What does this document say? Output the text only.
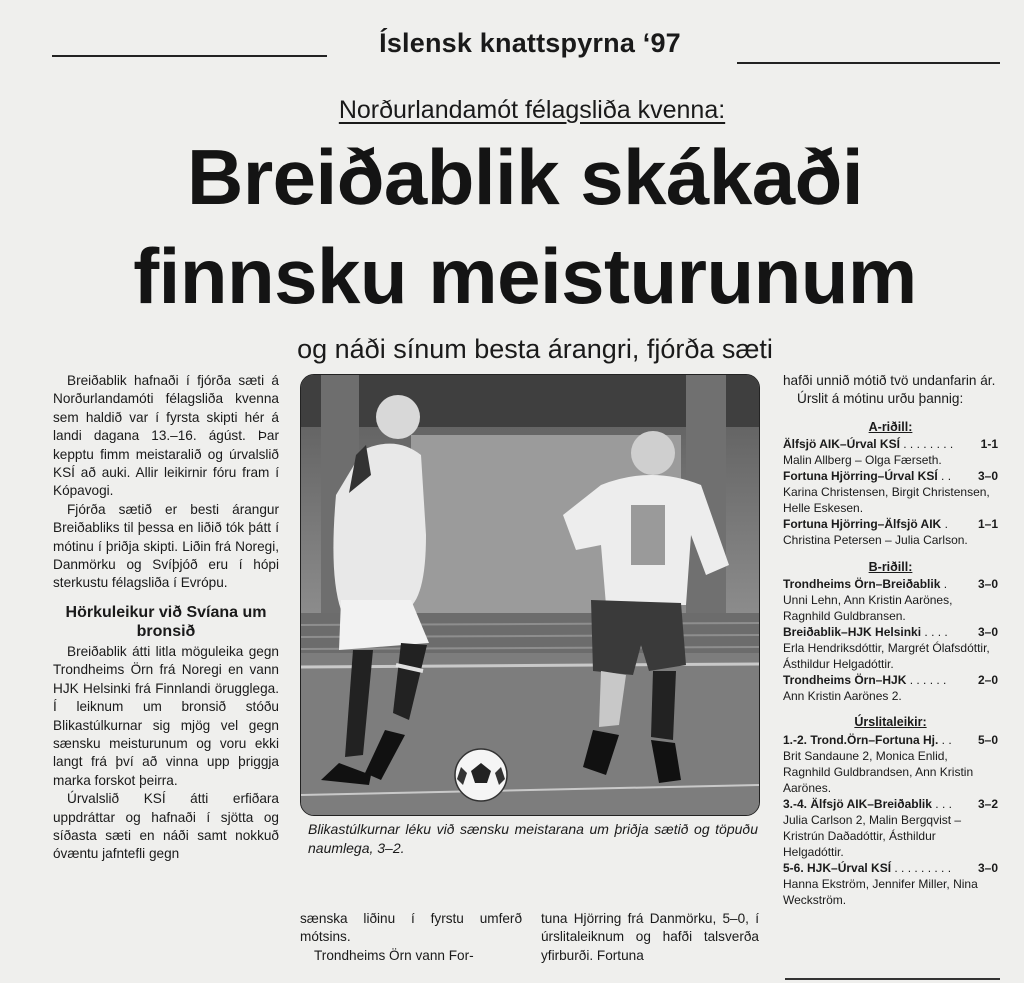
Íslensk knattspyrna ‘97
Norðurlandamót félagsliða kvenna:
Breiðablik skákaði
finnsku meisturunum
og náði sínum besta árangri, fjórða sæti

Breiðablik hafnaði í fjórða sæti á Norðurlandamóti félagsliða kvenna sem haldið var í fyrsta skipti hér á landi dagana 13.–16. ágúst. Þar kepptu fimm meistaralið og úrvalslið KSÍ að auki. Allir leikirnir fóru fram í Kópavogi.

Fjórða sætið er besti árangur Breiðabliks til þessa en liðið tók þátt í mótinu í þriðja skipti. Liðin frá Noregi, Danmörku og Svíþjóð eru í hópi sterkustu félagsliða í Evrópu.

Hörkuleikur við Svíana um bronsið

Breiðablik átti litla möguleika gegn Trondheims Örn frá Noregi en vann HJK Helsinki frá Finnlandi örugglega. Í leiknum um bronsið stóðu Blikastúlkurnar sig mjög vel gegn sænsku meisturunum og voru ekki langt frá því að vinna upp þriggja marka forskot þeirra.

Úrvalslið KSÍ átti erfiðara uppdráttar og hafnaði í sjötta og síðasta sæti en náði samt nokkuð óvæntu jafntefli gegn

Blikastúlkurnar léku við sænsku meistarana um þriðja sætið og töpuðu naumlega, 3–2.

sænska liðinu í fyrstu umferð mótsins.

Trondheims Örn vann For-

tuna Hjörring frá Danmörku, 5–0, í úrslitaleiknum og hafði talsverða yfirburði. Fortuna

hafði unnið mótið tvö undanfarin ár.

Úrslit á mótinu urðu þannig:

A-riðill:
Älfsjö AIK–Úrval KSÍ . . . . . . . . 1-1
Malin Allberg – Olga Færseth.
Fortuna Hjörring–Úrval KSÍ . . 3–0
Karina Christensen, Birgit Christensen, Helle Eskesen.
Fortuna Hjörring–Älfsjö AIK .	1–1
Christina Petersen – Julia Carlson.
B-riðill:
Trondheims Örn–Breiðablik .	3–0
Unni Lehn, Ann Kristin Aarönes, Ragnhild Guldbransen.
Breiðablik–HJK Helsinki . . . .	3–0
Erla Hendriksdóttir, Margrét Ólafsdóttir, Ásthildur Helgadóttir.
Trondheims Örn–HJK . . . . . .	2–0
Ann Kristin Aarönes 2.
Úrslitaleikir:
1.-2. Trond.Örn–Fortuna Hj. . . 5–0
Brit Sandaune 2, Monica Enlid, Ragnhild Guldbrandsen, Ann Kristin Aarönes.
3.-4. Älfsjö AIK–Breiðablik . . . 3–2
Julia Carlson 2, Malin Bergqvist – Kristrún Daðadóttir, Ásthildur Helgadóttir.
5-6. HJK–Úrval KSÍ . . . . . . . . . 3–0
Hanna Ekström, Jennifer Miller, Nina Weckström.
